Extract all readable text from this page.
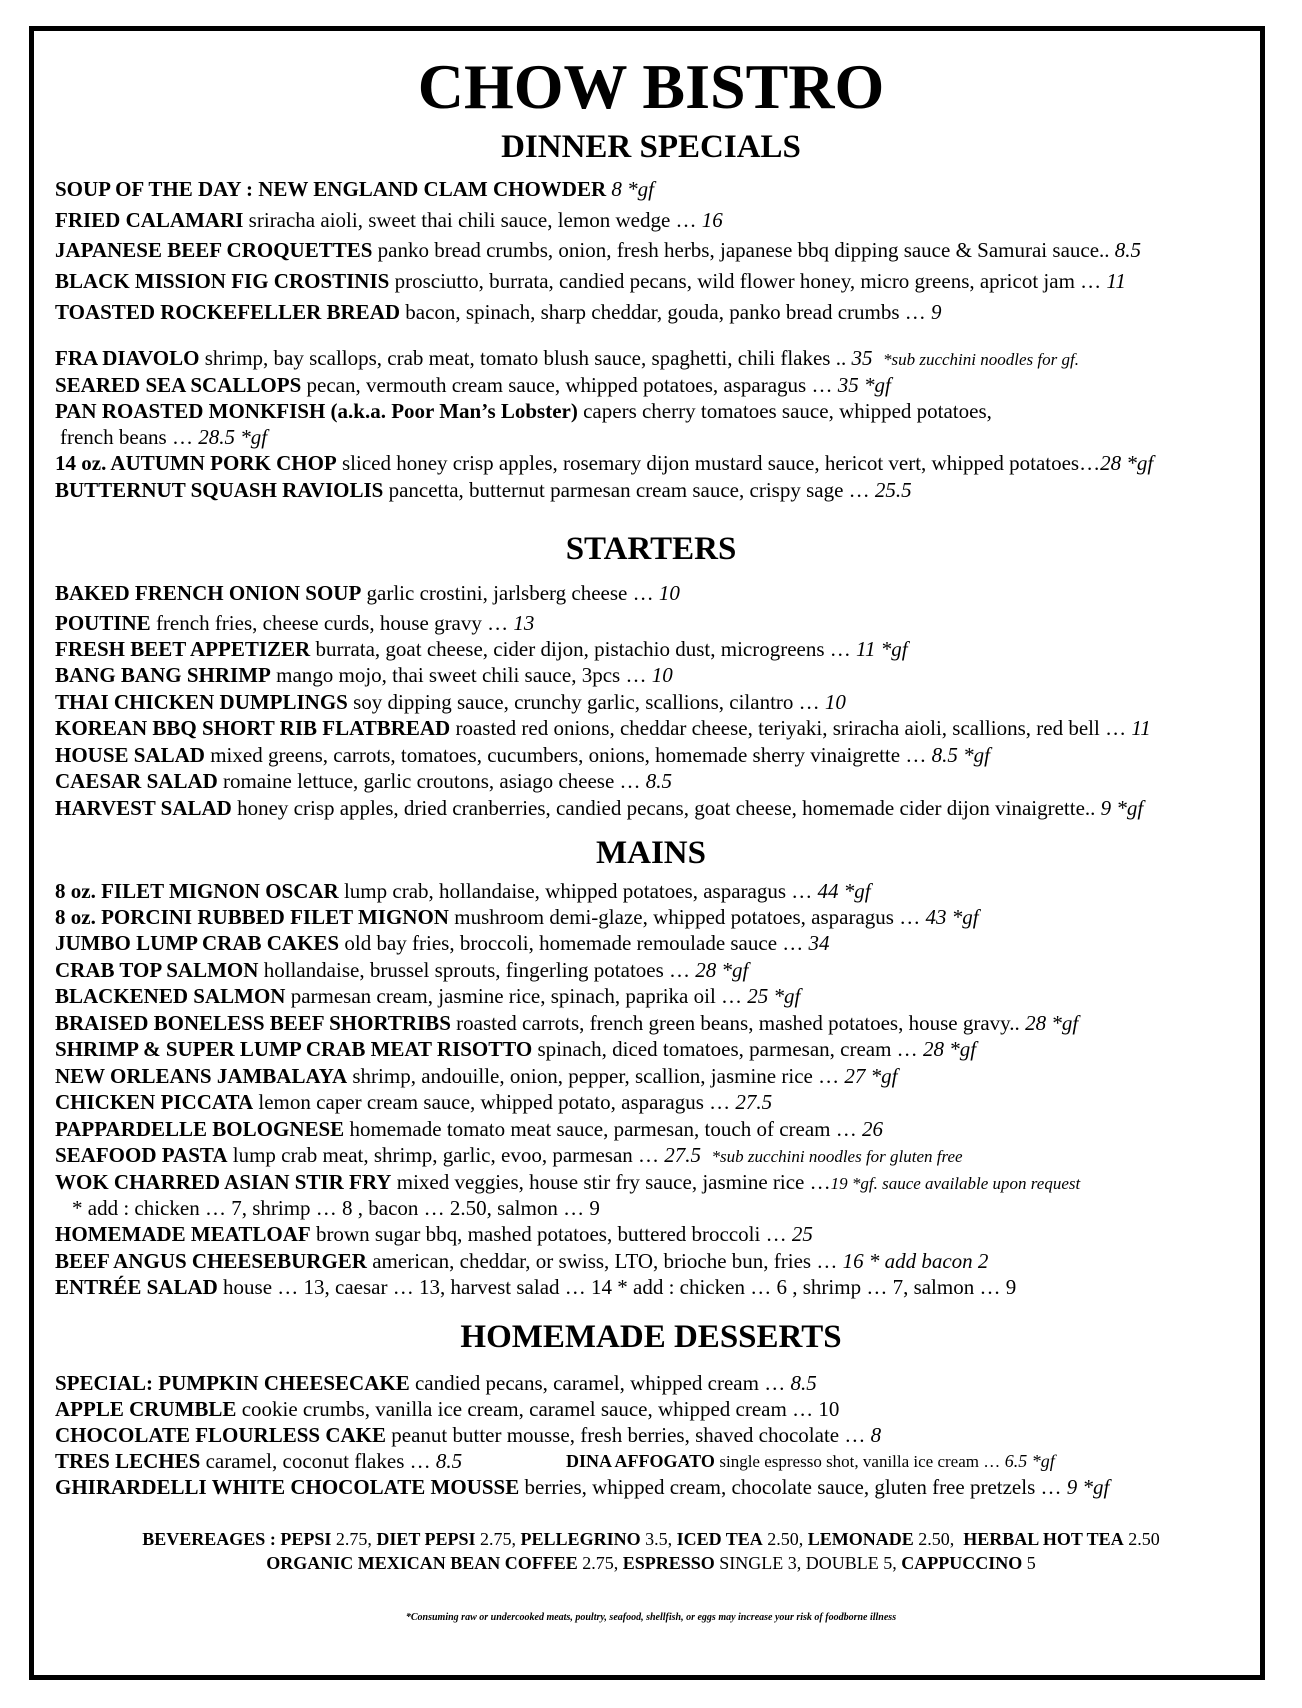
CHOW BISTRO
DINNER SPECIALS
SOUP OF THE DAY : NEW ENGLAND CLAM CHOWDER 8 *gf
FRIED CALAMARI sriracha aioli, sweet thai chili sauce, lemon wedge … 16
JAPANESE BEEF CROQUETTES panko bread crumbs, onion, fresh herbs, japanese bbq dipping sauce & Samurai sauce.. 8.5
BLACK MISSION FIG CROSTINIS prosciutto, burrata, candied pecans, wild flower honey, micro greens, apricot jam … 11
TOASTED ROCKEFELLER BREAD bacon, spinach, sharp cheddar, gouda, panko bread crumbs … 9
FRA DIAVOLO shrimp, bay scallops, crab meat, tomato blush sauce, spaghetti, chili flakes .. 35 *sub zucchini noodles for gf.
SEARED SEA SCALLOPS pecan, vermouth cream sauce, whipped potatoes, asparagus … 35 *gf
PAN ROASTED MONKFISH (a.k.a. Poor Man’s Lobster) capers cherry tomatoes sauce, whipped potatoes,
french beans … 28.5 *gf
14 oz. AUTUMN PORK CHOP sliced honey crisp apples, rosemary dijon mustard sauce, hericot vert, whipped potatoes…28 *gf
BUTTERNUT SQUASH RAVIOLIS pancetta, butternut parmesan cream sauce, crispy sage … 25.5
STARTERS
BAKED FRENCH ONION SOUP garlic crostini, jarlsberg cheese … 10
POUTINE french fries, cheese curds, house gravy … 13
FRESH BEET APPETIZER burrata, goat cheese, cider dijon, pistachio dust, microgreens … 11 *gf
BANG BANG SHRIMP mango mojo, thai sweet chili sauce, 3pcs … 10
THAI CHICKEN DUMPLINGS soy dipping sauce, crunchy garlic, scallions, cilantro … 10
KOREAN BBQ SHORT RIB FLATBREAD roasted red onions, cheddar cheese, teriyaki, sriracha aioli, scallions, red bell … 11
HOUSE SALAD mixed greens, carrots, tomatoes, cucumbers, onions, homemade sherry vinaigrette … 8.5 *gf
CAESAR SALAD romaine lettuce, garlic croutons, asiago cheese … 8.5
HARVEST SALAD honey crisp apples, dried cranberries, candied pecans, goat cheese, homemade cider dijon vinaigrette.. 9 *gf
MAINS
8 oz. FILET MIGNON OSCAR lump crab, hollandaise, whipped potatoes, asparagus … 44 *gf
8 oz. PORCINI RUBBED FILET MIGNON mushroom demi-glaze, whipped potatoes, asparagus … 43 *gf
JUMBO LUMP CRAB CAKES old bay fries, broccoli, homemade remoulade sauce … 34
CRAB TOP SALMON hollandaise, brussel sprouts, fingerling potatoes … 28 *gf
BLACKENED SALMON parmesan cream, jasmine rice, spinach, paprika oil … 25 *gf
BRAISED BONELESS BEEF SHORTRIBS roasted carrots, french green beans, mashed potatoes, house gravy.. 28 *gf
SHRIMP & SUPER LUMP CRAB MEAT RISOTTO spinach, diced tomatoes, parmesan, cream … 28 *gf
NEW ORLEANS JAMBALAYA shrimp, andouille, onion, pepper, scallion, jasmine rice … 27 *gf
CHICKEN PICCATA lemon caper cream sauce, whipped potato, asparagus … 27.5
PAPPARDELLE BOLOGNESE homemade tomato meat sauce, parmesan, touch of cream … 26
SEAFOOD PASTA lump crab meat, shrimp, garlic, evoo, parmesan … 27.5 *sub zucchini noodles for gluten free
WOK CHARRED ASIAN STIR FRY mixed veggies, house stir fry sauce, jasmine rice …19 *gf. sauce available upon request
* add : chicken … 7, shrimp … 8 , bacon … 2.50, salmon … 9
HOMEMADE MEATLOAF brown sugar bbq, mashed potatoes, buttered broccoli … 25
BEEF ANGUS CHEESEBURGER american, cheddar, or swiss, LTO, brioche bun, fries … 16 * add bacon 2
ENTRÉE SALAD house … 13, caesar … 13, harvest salad … 14 * add : chicken … 6 , shrimp … 7, salmon … 9
HOMEMADE DESSERTS
SPECIAL: PUMPKIN CHEESECAKE candied pecans, caramel, whipped cream … 8.5
APPLE CRUMBLE cookie crumbs, vanilla ice cream, caramel sauce, whipped cream … 10
CHOCOLATE FLOURLESS CAKE peanut butter mousse, fresh berries, shaved chocolate … 8
TRES LECHES caramel, coconut flakes … 8.5	DINA AFFOGATO single espresso shot, vanilla ice cream … 6.5 *gf
GHIRARDELLI WHITE CHOCOLATE MOUSSE berries, whipped cream, chocolate sauce, gluten free pretzels … 9 *gf
BEVEREAGES : PEPSI 2.75, DIET PEPSI 2.75, PELLEGRINO 3.5, ICED TEA 2.50, LEMONADE 2.50, HERBAL HOT TEA 2.50
ORGANIC MEXICAN BEAN COFFEE 2.75, ESPRESSO SINGLE 3, DOUBLE 5, CAPPUCCINO 5
*Consuming raw or undercooked meats, poultry, seafood, shellfish, or eggs may increase your risk of foodborne illness
